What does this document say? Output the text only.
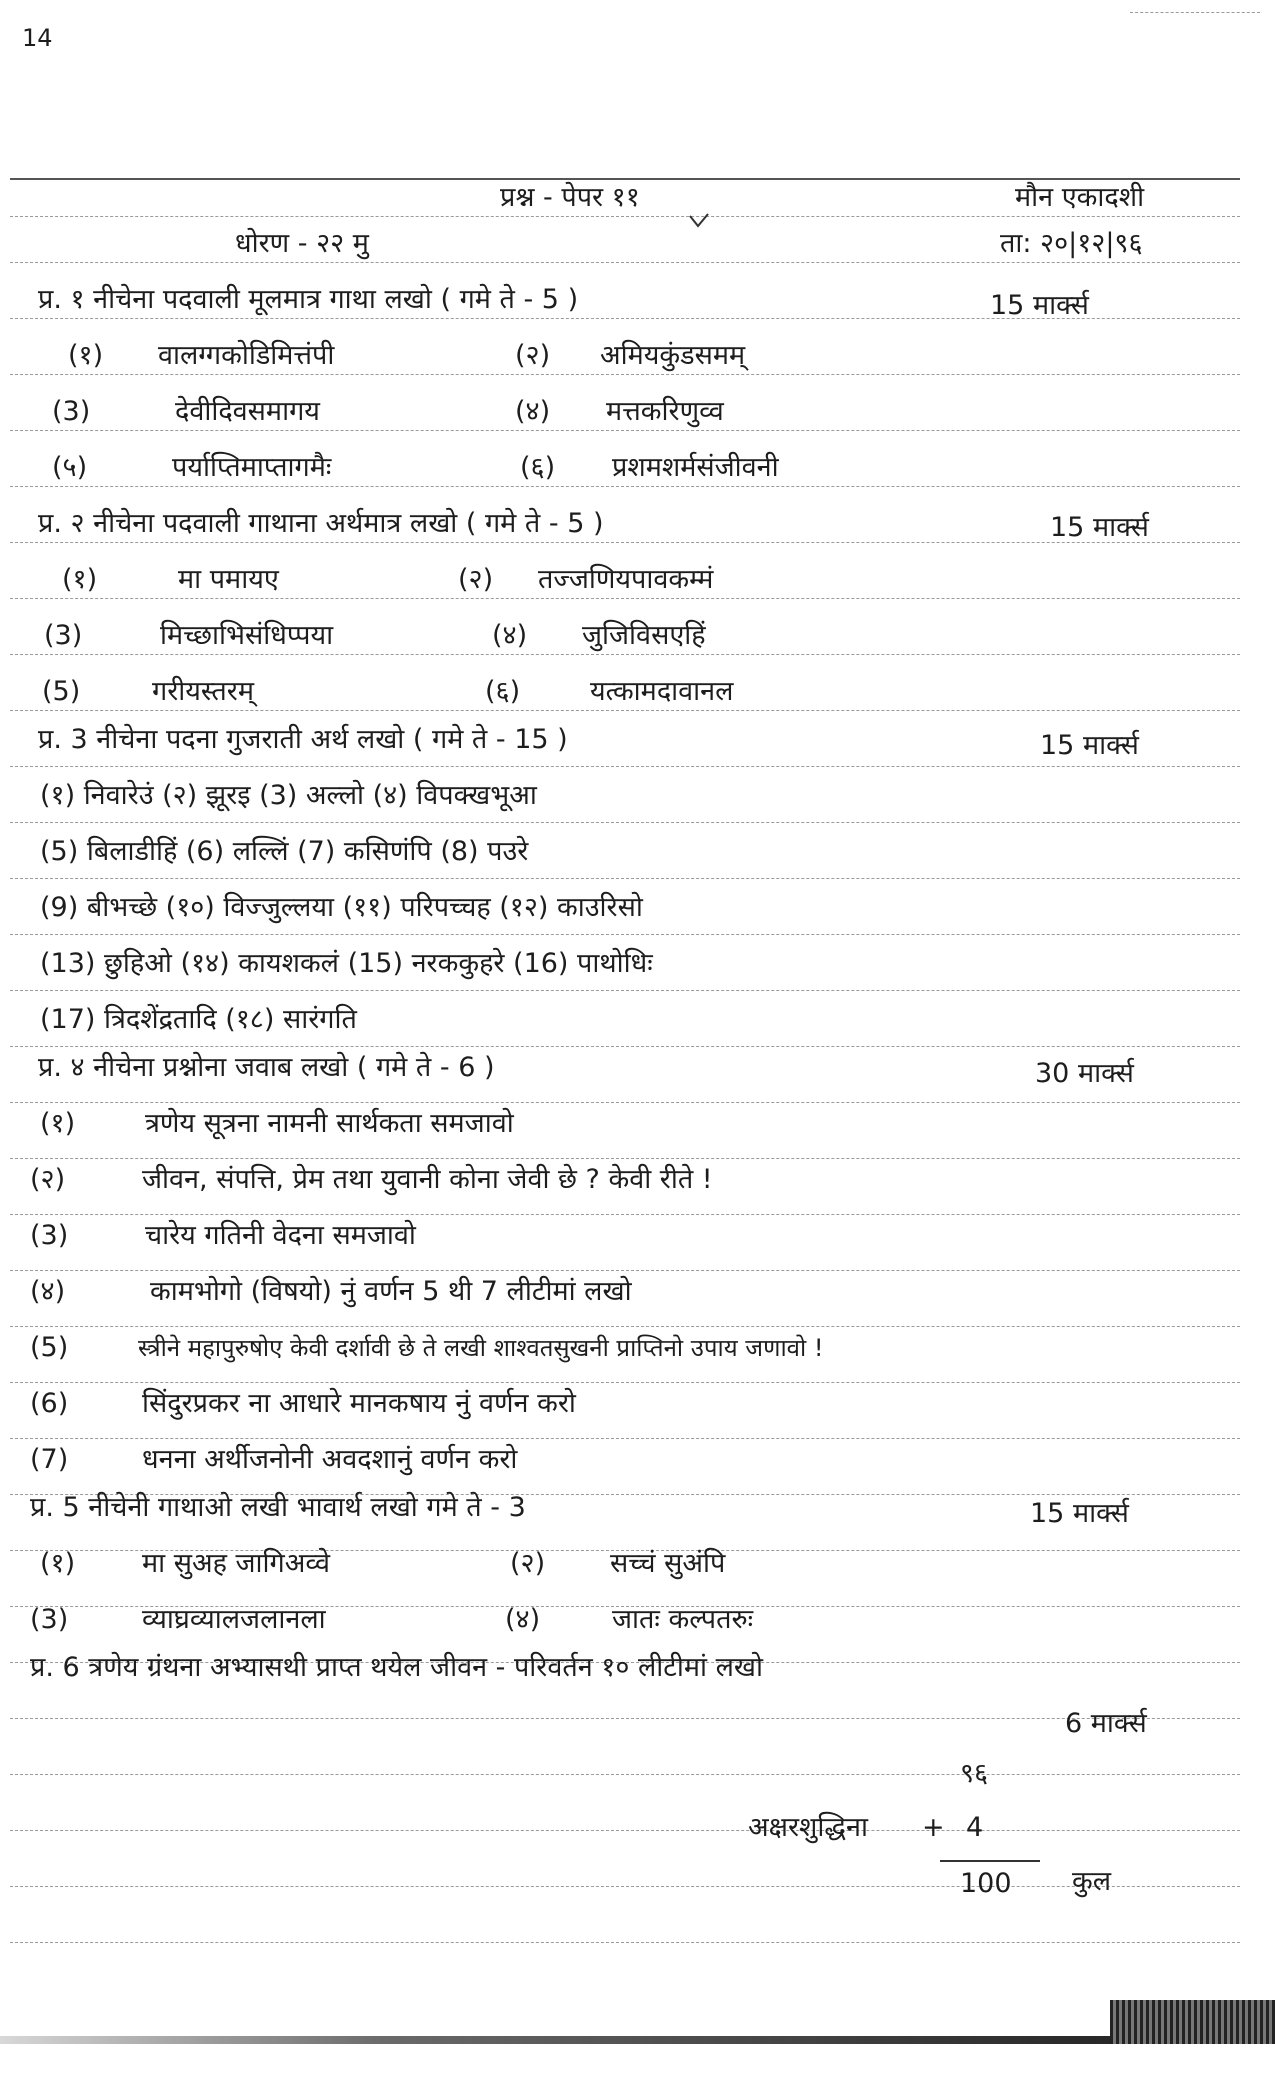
14
प्रश्न - पेपर ११	मौन एकादशी
धोरण - २२ मु	ता: २०|१२|९६
प्र. १ नीचेना पदवाली मूलमात्र गाथा लखो ( गमे ते - 5 )	15 मार्क्स
(१) वालग्गकोडिमित्तंपी	(२) अमियकुंडसमम्
(3)	देवीदिवसमागय	(४) मत्तकरिणुव्व
(५)	पर्याप्तिमाप्तागमैः	(६) प्रशमशर्मसंजीवनी
प्र. २ नीचेना पदवाली गाथाना अर्थमात्र लखो ( गमे ते - 5 )	15 मार्क्स
(१)	मा पमायए	(२) तज्जणियपावकम्मं
(3)	मिच्छाभिसंधिप्पया	(४) जुजिविसएहिं
(5)	गरीयस्तरम्	(६)	यत्कामदावानल
प्र. 3 नीचेना पदना गुजराती अर्थ लखो ( गमे ते - 15 )	15 मार्क्स
(१) निवारेउं (२) झूरइ (3) अल्लो (४) विपक्खभूआ
(5) बिलाडीहिं (6) लल्लिं (7) कसिणंपि (8) पउरे
(9) बीभच्छे (१०) विज्जुल्लया (११) परिपच्चह (१२) काउरिसो
(13) छुहिओ (१४) कायशकलं (15) नरककुहरे (16) पाथोधिः
(17) त्रिदशेंद्रतादि (१८) सारंगति
प्र. ४ नीचेना प्रश्नोना जवाब लखो ( गमे ते - 6 )	30 मार्क्स
(१)	त्रणेय सूत्रना नामनी सार्थकता समजावो
(२)	जीवन, संपत्ति, प्रेम तथा युवानी कोना जेवी छे ? केवी रीते !
(3)	चारेय गतिनी वेदना समजावो
(४)	कामभोगो (विषयो) नुं वर्णन 5 थी 7 लीटीमां लखो
(5)	स्त्रीने महापुरुषोए केवी दर्शावी छे ते लखी शाश्वतसुखनी प्राप्तिनो उपाय जणावो !
(6)	सिंदुरप्रकर ना आधारे मानकषाय नुं वर्णन करो
(7)	धनना अर्थीजनोनी अवदशानुं वर्णन करो
प्र. 5 नीचेनी गाथाओ लखी भावार्थ लखो गमे ते - 3	15 मार्क्स
(१) मा सुअह जागिअव्वे	(२) सच्चं सुअंपि
(3)	व्याघ्रव्यालजलानला	(४)	जातः कल्पतरुः
प्र. 6 त्रणेय ग्रंथना अभ्यासथी प्राप्त थयेल जीवन - परिवर्तन १० लीटीमां लखो
6 मार्क्स
९६
अक्षरशुद्धिना + 4
100 कुल
